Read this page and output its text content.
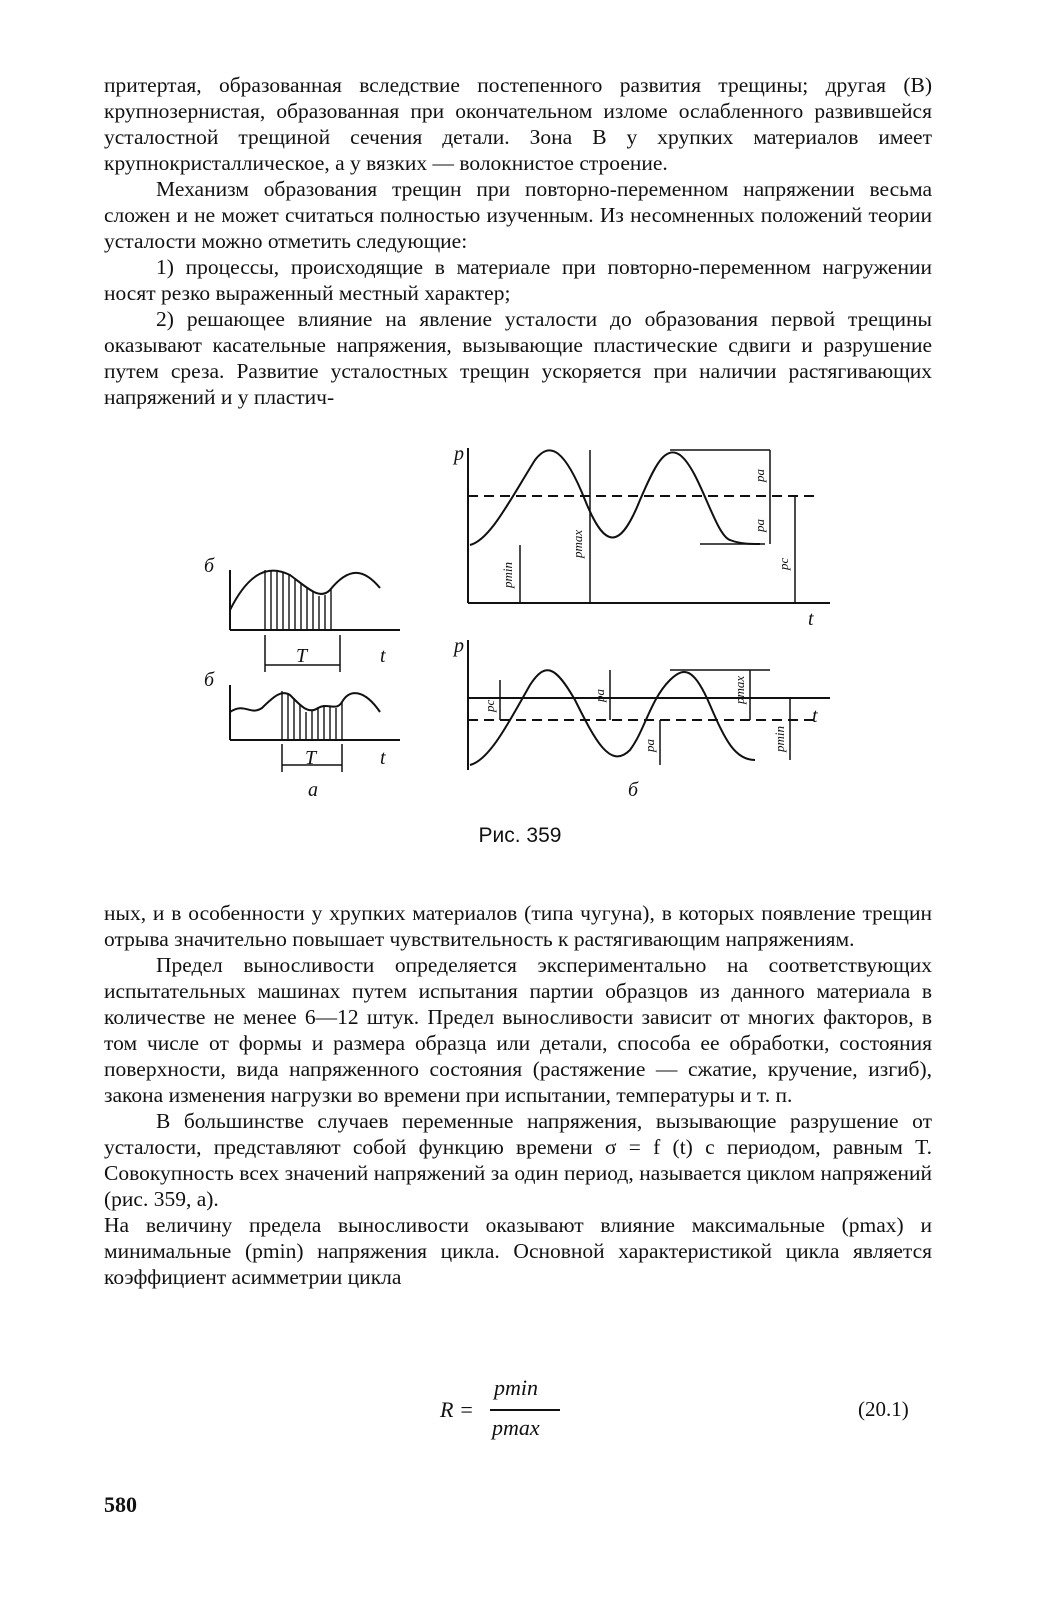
притертая, образованная вследствие постепенного развития трещины; другая (В) крупнозернистая, образованная при окончательном изломе ослабленного развившейся усталостной трещиной сечения детали. Зона В у хрупких материалов имеет крупнокристаллическое, а у вязких — волокнистое строение.

Механизм образования трещин при повторно-переменном напряжении весьма сложен и не может считаться полностью изученным. Из несомненных положений теории усталости можно отметить следующие:

1) процессы, происходящие в материале при повторно-переменном нагружении носят резко выраженный местный характер;

2) решающее влияние на явление усталости до образования первой трещины оказывают касательные напряжения, вызывающие пластические сдвиги и разрушение путем среза. Развитие усталостных трещин ускоряется при наличии растягивающих напряжений и у пластич-

б
t
T
б
t
T
а
p
t
p
t
б
pmin
pmax
pa
pa
pc
pc
pa
pa
pmax
pmin
Рис. 359

ных, и в особенности у хрупких материалов (типа чугуна), в которых появление трещин отрыва значительно повышает чувствительность к растягивающим напряжениям.

Предел выносливости определяется экспериментально на соответствующих испытательных машинах путем испытания партии образцов из данного материала в количестве не менее 6—12 штук. Предел выносливости зависит от многих факторов, в том числе от формы и размера образца или детали, способа ее обработки, состояния поверхности, вида напряженного состояния (растяжение — сжатие, кручение, изгиб), закона изменения нагрузки во времени при испытании, температуры и т. п.

В большинстве случаев переменные напряжения, вызывающие разрушение от усталости, представляют собой функцию времени σ = f (t) с периодом, равным T. Совокупность всех значений напряжений за один период, называется циклом напряжений (рис. 359, а).

На величину предела выносливости оказывают влияние максимальные (pmax) и минимальные (pmin) напряжения цикла. Основной характеристикой цикла является коэффициент асимметрии цикла

R =
pmin
pmax
(20.1)
580
